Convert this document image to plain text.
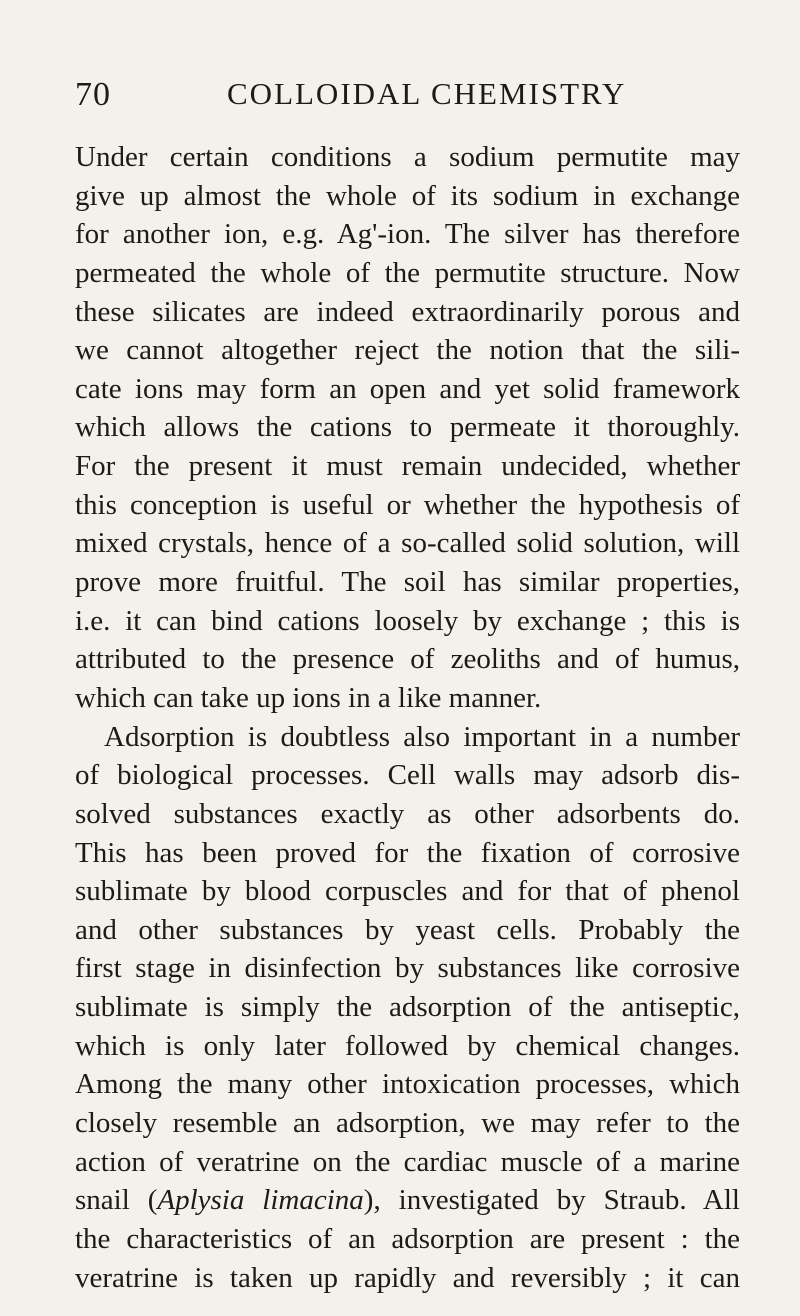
70	COLLOIDAL CHEMISTRY
Under certain conditions a sodium permutite may
give up almost the whole of its sodium in exchange
for another ion, e.g. Ag'-ion. The silver has therefore
permeated the whole of the permutite structure. Now
these silicates are indeed extraordinarily porous and
we cannot altogether reject the notion that the sili-
cate ions may form an open and yet solid framework
which allows the cations to permeate it thoroughly.
For the present it must remain undecided, whether
this conception is useful or whether the hypothesis of
mixed crystals, hence of a so-called solid solution, will
prove more fruitful. The soil has similar properties,
i.e. it can bind cations loosely by exchange ; this is
attributed to the presence of zeoliths and of humus,
which can take up ions in a like manner.
Adsorption is doubtless also important in a number
of biological processes. Cell walls may adsorb dis-
solved substances exactly as other adsorbents do.
This has been proved for the fixation of corrosive
sublimate by blood corpuscles and for that of phenol
and other substances by yeast cells. Probably the
first stage in disinfection by substances like corrosive
sublimate is simply the adsorption of the antiseptic,
which is only later followed by chemical changes.
Among the many other intoxication processes, which
closely resemble an adsorption, we may refer to the
action of veratrine on the cardiac muscle of a marine
snail (Aplysia limacina), investigated by Straub. All
the characteristics of an adsorption are present : the
veratrine is taken up rapidly and reversibly ; it can
